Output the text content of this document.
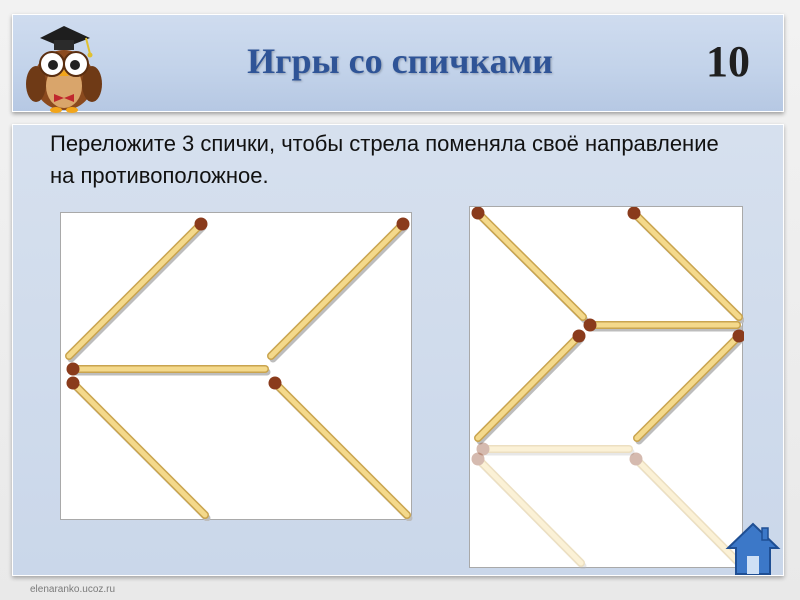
Игры со спичками	10
Переложите 3 спички, чтобы стрела поменяла своё направление на противоположное.
elenaranko.ucoz.ru
